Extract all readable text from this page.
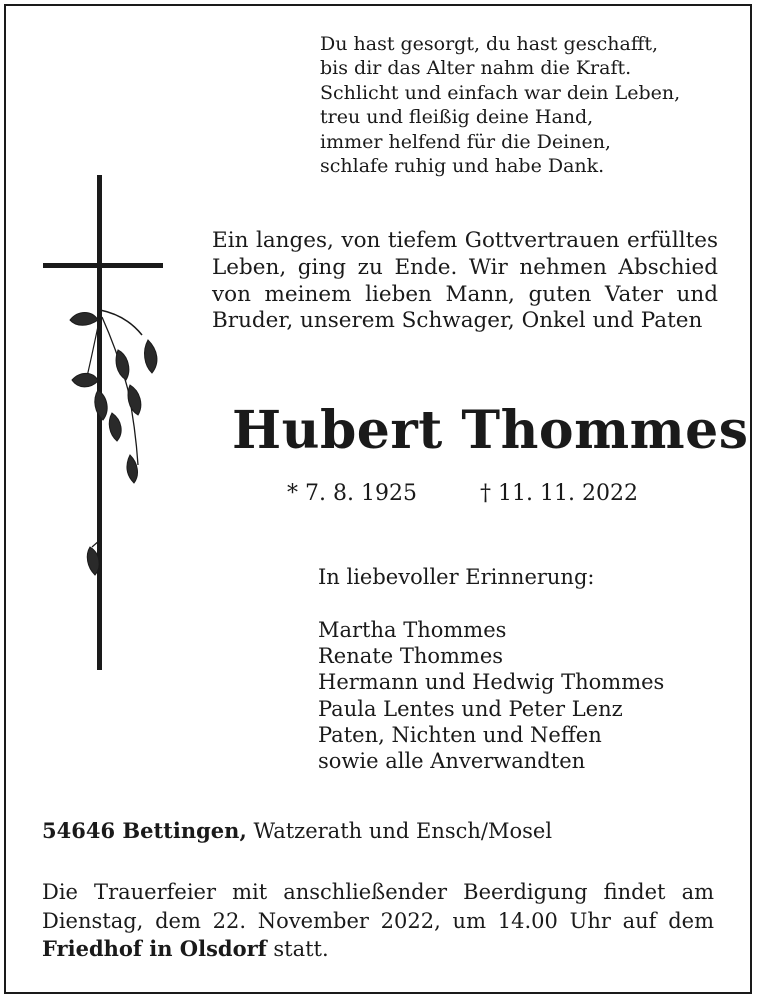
Du hast gesorgt, du hast geschafft,
bis dir das Alter nahm die Kraft.
Schlicht und einfach war dein Leben,
treu und fleißig deine Hand,
immer helfend für die Deinen,
schlafe ruhig und habe Dank.
Ein langes, von tiefem Gottvertrauen erfülltes Leben, ging zu Ende. Wir nehmen Abschied von meinem lieben Mann, guten Vater und Bruder, unserem Schwager, Onkel und Paten
Hubert Thommes
* 7. 8. 1925	† 11. 11. 2022
In liebevoller Erinnerung:
Martha Thommes
Renate Thommes
Hermann und Hedwig Thommes
Paula Lentes und Peter Lenz
Paten, Nichten und Neffen
sowie alle Anverwandten
54646 Bettingen, Watzerath und Ensch/Mosel
Die Trauerfeier mit anschließender Beerdigung findet am Dienstag, dem 22. November 2022, um 14.00 Uhr auf dem Friedhof in Olsdorf statt.
